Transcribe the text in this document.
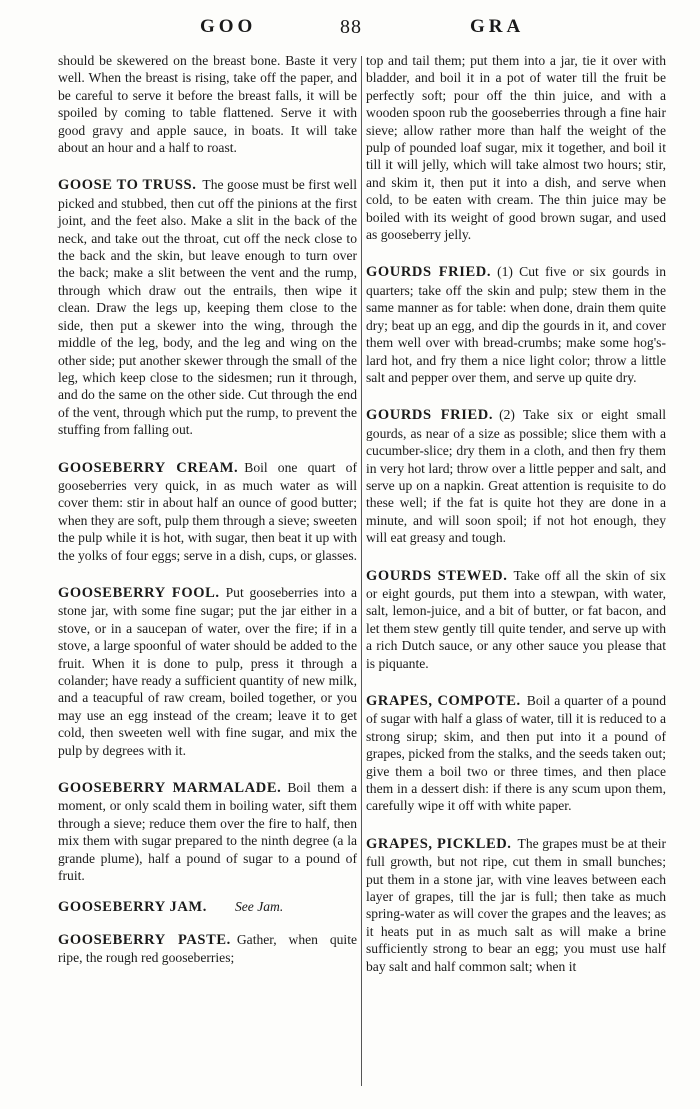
GOO	88	GRA

should be skewered on the breast bone. Baste it very well. When the breast is rising, take off the paper, and be careful to serve it before the breast falls, it will be spoiled by coming to table flattened. Serve it with good gravy and apple sauce, in boats. It will take about an hour and a half to roast.

GOOSE TO TRUSS. The goose must be first well picked and stubbed, then cut off the pinions at the first joint, and the feet also. Make a slit in the back of the neck, and take out the throat, cut off the neck close to the back and the skin, but leave enough to turn over the back; make a slit between the vent and the rump, through which draw out the entrails, then wipe it clean. Draw the legs up, keeping them close to the side, then put a skewer into the wing, through the middle of the leg, body, and the leg and wing on the other side; put another skewer through the small of the leg, which keep close to the sidesmen; run it through, and do the same on the other side. Cut through the end of the vent, through which put the rump, to prevent the stuffing from falling out.

GOOSEBERRY CREAM. Boil one quart of gooseberries very quick, in as much water as will cover them: stir in about half an ounce of good butter; when they are soft, pulp them through a sieve; sweeten the pulp while it is hot, with sugar, then beat it up with the yolks of four eggs; serve in a dish, cups, or glasses.

GOOSEBERRY FOOL. Put gooseberries into a stone jar, with some fine sugar; put the jar either in a stove, or in a saucepan of water, over the fire; if in a stove, a large spoonful of water should be added to the fruit. When it is done to pulp, press it through a colander; have ready a sufficient quantity of new milk, and a teacupful of raw cream, boiled together, or you may use an egg instead of the cream; leave it to get cold, then sweeten well with fine sugar, and mix the pulp by degrees with it.

GOOSEBERRY MARMALADE. Boil them a moment, or only scald them in boiling water, sift them through a sieve; reduce them over the fire to half, then mix them with sugar prepared to the ninth degree (a la grande plume), half a pound of sugar to a pound of fruit.

GOOSEBERRY JAM. See Jam.

GOOSEBERRY PASTE. Gather, when quite ripe, the rough red gooseberries;

top and tail them; put them into a jar, tie it over with bladder, and boil it in a pot of water till the fruit be perfectly soft; pour off the thin juice, and with a wooden spoon rub the gooseberries through a fine hair sieve; allow rather more than half the weight of the pulp of pounded loaf sugar, mix it together, and boil it till it will jelly, which will take almost two hours; stir, and skim it, then put it into a dish, and serve when cold, to be eaten with cream. The thin juice may be boiled with its weight of good brown sugar, and used as gooseberry jelly.

GOURDS FRIED. (1) Cut five or six gourds in quarters; take off the skin and pulp; stew them in the same manner as for table: when done, drain them quite dry; beat up an egg, and dip the gourds in it, and cover them well over with bread-crumbs; make some hog's-lard hot, and fry them a nice light color; throw a little salt and pepper over them, and serve up quite dry.

GOURDS FRIED. (2) Take six or eight small gourds, as near of a size as possible; slice them with a cucumber-slice; dry them in a cloth, and then fry them in very hot lard; throw over a little pepper and salt, and serve up on a napkin. Great attention is requisite to do these well; if the fat is quite hot they are done in a minute, and will soon spoil; if not hot enough, they will eat greasy and tough.

GOURDS STEWED. Take off all the skin of six or eight gourds, put them into a stewpan, with water, salt, lemon-juice, and a bit of butter, or fat bacon, and let them stew gently till quite tender, and serve up with a rich Dutch sauce, or any other sauce you please that is piquante.

GRAPES, COMPOTE. Boil a quarter of a pound of sugar with half a glass of water, till it is reduced to a strong sirup; skim, and then put into it a pound of grapes, picked from the stalks, and the seeds taken out; give them a boil two or three times, and then place them in a dessert dish: if there is any scum upon them, carefully wipe it off with white paper.

GRAPES, PICKLED. The grapes must be at their full growth, but not ripe, cut them in small bunches; put them in a stone jar, with vine leaves between each layer of grapes, till the jar is full; then take as much spring-water as will cover the grapes and the leaves; as it heats put in as much salt as will make a brine sufficiently strong to bear an egg; you must use half bay salt and half common salt; when it
